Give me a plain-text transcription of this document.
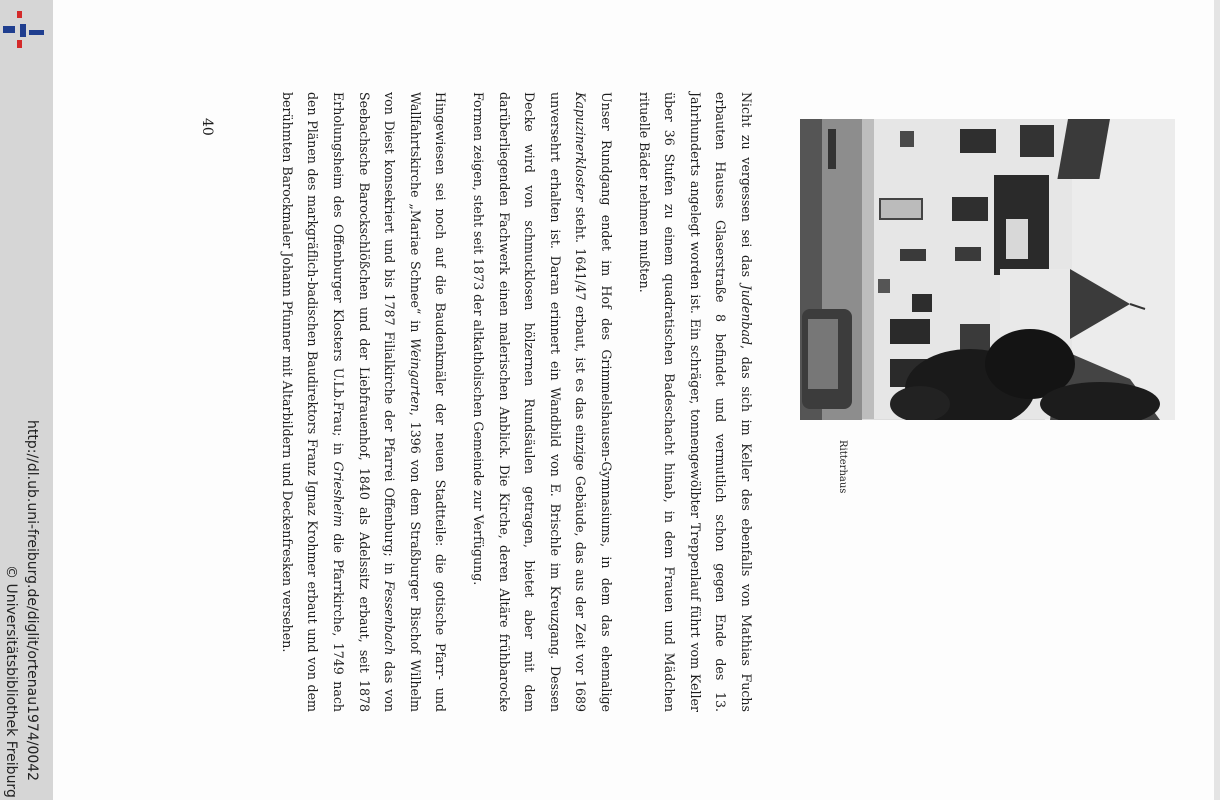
http://dl.ub.uni-freiburg.de/diglit/ortenau1974/0042
© Universitätsbibliothek Freiburg
Ritterhaus

Nicht zu vergessen sei das Judenbad, das sich im Keller des ebenfalls von Mathias Fuchs erbauten Hauses Glaserstraße 8 befindet und vermutlich schon gegen Ende des 13. Jahrhunderts angelegt worden ist. Ein schräger, tonnengewölbter Treppenlauf führt vom Keller über 36 Stufen zu einem quadratischen Badeschacht hinab, in dem Frauen und Mädchen rituelle Bäder nehmen mußten.

Unser Rundgang endet im Hof des Grimmelshausen-Gymnasiums, in dem das ehemalige Kapuzinerkloster steht. 1641/47 erbaut, ist es das einzige Gebäude, das aus der Zeit vor 1689 unversehrt erhalten ist. Daran erinnert ein Wandbild von E. Brischle im Kreuzgang. Dessen Decke wird von schmucklosen hölzernen Rundsäulen getragen, bietet aber mit dem darüberliegenden Fachwerk einen malerischen Anblick. Die Kirche, deren Altäre frühbarocke Formen zeigen, steht seit 1873 der altkatholischen Gemeinde zur Verfügung.

Hingewiesen sei noch auf die Baudenkmäler der neuen Stadtteile: die gotische Pfarr- und Wallfahrtskirche „Mariae Schnee“ in Weingarten, 1396 von dem Straßburger Bischof Wilhelm von Diest konsekriert und bis 1787 Filialkirche der Pfarrei Offenburg; in Fessenbach das von Seebachsche Barockschlößchen und der Liebfrauenhof, 1840 als Adelssitz erbaut, seit 1878 Erholungsheim des Offenburger Klosters U.Lb.Frau; in Griesheim die Pfarrkirche, 1749 nach den Plänen des markgräflich-badischen Baudirektors Franz Ignaz Krohmer erbaut und von dem berühmten Barockmaler Johann Pfunner mit Altarbildern und Deckenfresken versehen.

40
